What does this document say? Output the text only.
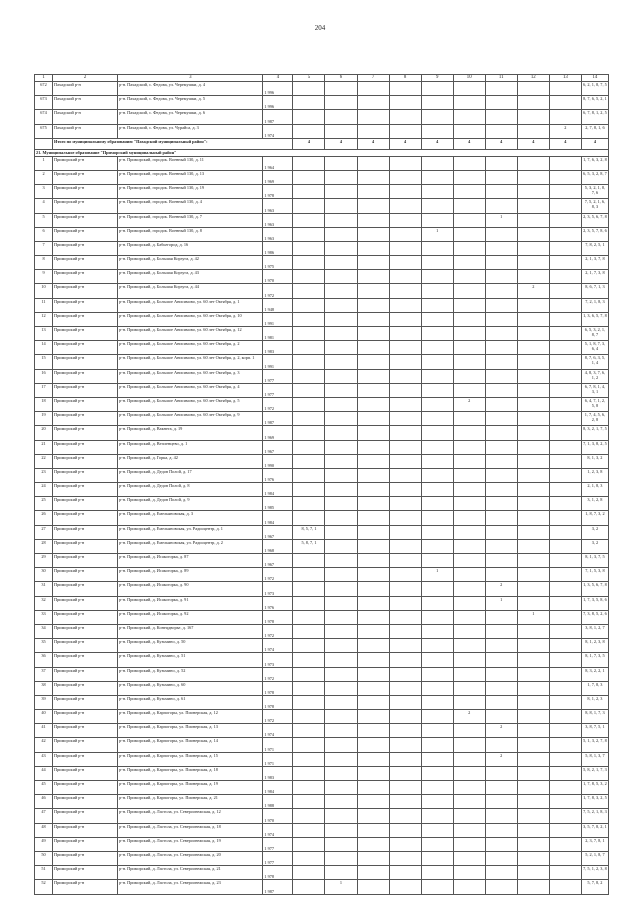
204
1	2	3	4	5	6	7	8	9	10	11	12	13	14
672	Пахадский р-н	р-н. Пахадский, с. Федова, ул. Черемушки, д. 4	1 996										6, 2, 1, 8, 7, 5
673	Пахадский р-н	р-н. Пахадский, с. Федова, ул. Черемушки, д. 5	1 996										8, 7, 6, 5, 2, 1
674	Пахадский р-н	р-н. Пахадский, с. Федова, ул. Черемушки, д. 6	1 987										6, 7, 8, 1, 2, 5
675	Пахадский р-н	р-н. Пахадский, с. Федова, ул. Чурайса, д. 3	1 974									2	2, 7, 8, 1, 6
	Итого по муниципальному образованию "Пахадский муниципальный район":			4	4	4	4	4	4	4	4	4	4
21. Муниципальное образование "Приморский муниципальный район"													
1	Приморский р-н	р-н. Приморский, городок. Военный 130, д. 11	1 964										1, 7, 6, 3, 2, 8
2	Приморский р-н	р-н. Приморский, городок. Военный 130, д. 13	1 969										6, 5, 3, 2, 8, 7
3	Приморский р-н	р-н. Приморский, городок. Военный 130, д. 19	1 978										5, 3, 2, 1, 8, 7, 6
4	Приморский р-н	р-н. Приморский, городок. Военный 130, д. 4	1 963										7, 5, 2, 1, 6, 8, 3
5	Приморский р-н	р-н. Приморский, городок. Военный 130, д. 7	1 963							1			2, 3, 5, 6, 7, 8
6	Приморский р-н	р-н. Приморский, городок. Военный 130, д. 8	1 963					1					2, 3, 5, 7, 8, 6
7	Приморский р-н	р-н. Приморский, д. Бабьегород, д. 16	1 986										7, 8, 2, 5, 1
8	Приморский р-н	р-н. Приморский, д. Большая Корзуга, д. 42	1 975										2, 1, 3, 7, 8
9	Приморский р-н	р-н. Приморский, д. Большая Корзуга, д. 43	1 970										2, 1, 7, 3, 8
10	Приморский р-н	р-н. Приморский, д. Большая Корзуга, д. 44	1 972								2		8, 6, 7, 1, 3
11	Приморский р-н	р-н. Приморский, д. Большое Анисимово, ул. 60 лет Октября, д. 1	1 948										7, 2, 1, 8, 3
12	Приморский р-н	р-н. Приморский, д. Большое Анисимово, ул. 60 лет Октября, д. 10	1 991										1, 3, 6, 5, 7, 8
13	Приморский р-н	р-н. Приморский, д. Большое Анисимово, ул. 60 лет Октября, д. 12	1 981										6, 5, 3, 2, 1, 8, 7
14	Приморский р-н	р-н. Приморский, д. Большое Анисимово, ул. 60 лет Октября, д. 2	1 983										5, 1, 8, 7, 3, 6, 4
15	Приморский р-н	р-н. Приморский, д. Большое Анисимово, ул. 60 лет Октября, д. 2, корп. 1	1 991										8, 7, 6, 3, 5, 1, 4
16	Приморский р-н	р-н. Приморский, д. Большое Анисимово, ул. 60 лет Октября, д. 3	1 977										4, 8, 3, 7, 6, 1, 2
17	Приморский р-н	р-н. Приморский, д. Большое Анисимово, ул. 60 лет Октября, д. 4	1 977										6, 7, 8, 1, 4, 3, 1
18	Приморский р-н	р-н. Приморский, д. Большое Анисимово, ул. 60 лет Октября, д. 5	1 972						2				6, 4, 7, 1, 2, 5, 8
19	Приморский р-н	р-н. Приморский, д. Большое Анисимово, ул. 60 лет Октября, д. 9	1 987										1, 7, 4, 5, 6, 2, 8
20	Приморский р-н	р-н. Приморский, д. Вакнега, д. 19	1 969										8, 3, 2, 1, 7, 5
21	Приморский р-н	р-н. Приморский, д. Вепленцево, д. 1	1 967										7, 1, 3, 8, 2, 5
22	Приморский р-н	р-н. Приморский, д. Горка, д. 42	1 990										8, 1, 3, 2
23	Приморский р-н	р-н. Приморский, д. Дедов Полой, д. 17	1 976										1, 2, 3, 8
24	Приморский р-н	р-н. Приморский, д. Дедов Полой, д. 8	1 984										2, 1, 8, 3
25	Приморский р-н	р-н. Приморский, д. Дедов Полой, д. 9	1 985										3, 1, 2, 8
26	Приморский р-н	р-н. Приморский, д. Емельяновская, д. 3	1 984										1, 8, 7, 3, 2
27	Приморский р-н	р-н. Приморский, д. Емельяновская, ул. Радиоцентр, д. 1	1 967	8, 5, 7, 1									3, 2
28	Приморский р-н	р-н. Приморский, д. Емельяновская, ул. Радиоцентр, д. 2	1 968	5, 8, 7, 1									3, 2
29	Приморский р-н	р-н. Приморский, д. Исакогорка, д. 87	1 967										8, 1, 3, 7, 5
30	Приморский р-н	р-н. Приморский, д. Исакогорка, д. 89	1 972					1					7, 1, 5, 3, 8
31	Приморский р-н	р-н. Приморский, д. Исакогорка, д. 90	1 973							2			1, 3, 5, 6, 7, 8
32	Приморский р-н	р-н. Приморский, д. Исакогорка, д. 91	1 976							1			1, 7, 3, 5, 8, 6
33	Приморский р-н	р-н. Приморский, д. Исакогорка, д. 92	1 978								1		7, 3, 8, 5, 2, 6
34	Приморский р-н	р-н. Приморский, д. Конецдворье, д. 167	1 972										3, 8, 1, 2, 7
35	Приморский р-н	р-н. Приморский, д. Кузьмино, д. 50	1 974										8, 1, 2, 3, 8
36	Приморский р-н	р-н. Приморский, д. Кузьмино, д. 51	1 973										8, 1, 7, 3, 5
37	Приморский р-н	р-н. Приморский, д. Кузьмино, д. 52	1 972										8, 3, 2, 2, 1
38	Приморский р-н	р-н. Приморский, д. Кузьмино, д. 60	1 978										1, 7, 8, 3
39	Приморский р-н	р-н. Приморский, д. Кузьмино, д. 61	1 978										8, 1, 2, 3
40	Приморский р-н	р-н. Приморский, д. Карпогоры, ул. Пионерская, д. 12	1 972						2				8, 8, 1, 7, 3
41	Приморский р-н	р-н. Приморский, д. Карпогоры, ул. Пионерская, д. 13	1 974							2			3, 8, 7, 5, 1
42	Приморский р-н	р-н. Приморский, д. Карпогоры, ул. Пионерская, д. 14	1 971										5, 1, 3, 2, 7, 8
43	Приморский р-н	р-н. Приморский, д. Карпогоры, ул. Пионерская, д. 15	1 971							2			5, 8, 1, 3, 7
44	Приморский р-н	р-н. Приморский, д. Карпогоры, ул. Пионерская, д. 18	1 983										5, 8, 2, 1, 7, 3
45	Приморский р-н	р-н. Приморский, д. Карпогоры, ул. Пионерская, д. 19	1 984										1, 7, 8, 5, 3, 2
46	Приморский р-н	р-н. Приморский, д. Карпогоры, ул. Пионерская, д. 21	1 988										1, 7, 8, 3, 2, 5
47	Приморский р-н	р-н. Приморский, д. Ластола, ул. Североонежская, д. 12	1 970										7, 5, 2, 1, 8, 3
48	Приморский р-н	р-н. Приморский, д. Ластола, ул. Североонежская, д. 18	1 974										3, 5, 7, 8, 2, 1
49	Приморский р-н	р-н. Приморский, д. Ластола, ул. Североонежская, д. 19	1 977										2, 3, 7, 8, 1
50	Приморский р-н	р-н. Приморский, д. Ластола, ул. Североонежская, д. 20	1 977										5, 2, 1, 8, 7
51	Приморский р-н	р-н. Приморский, д. Ластола, ул. Североонежская, д. 21	1 978										7, 5, 1, 2, 3, 8
52	Приморский р-н	р-н. Приморский, д. Ластола, ул. Североонежская, д. 23	1 987		1								5, 7, 8, 2
